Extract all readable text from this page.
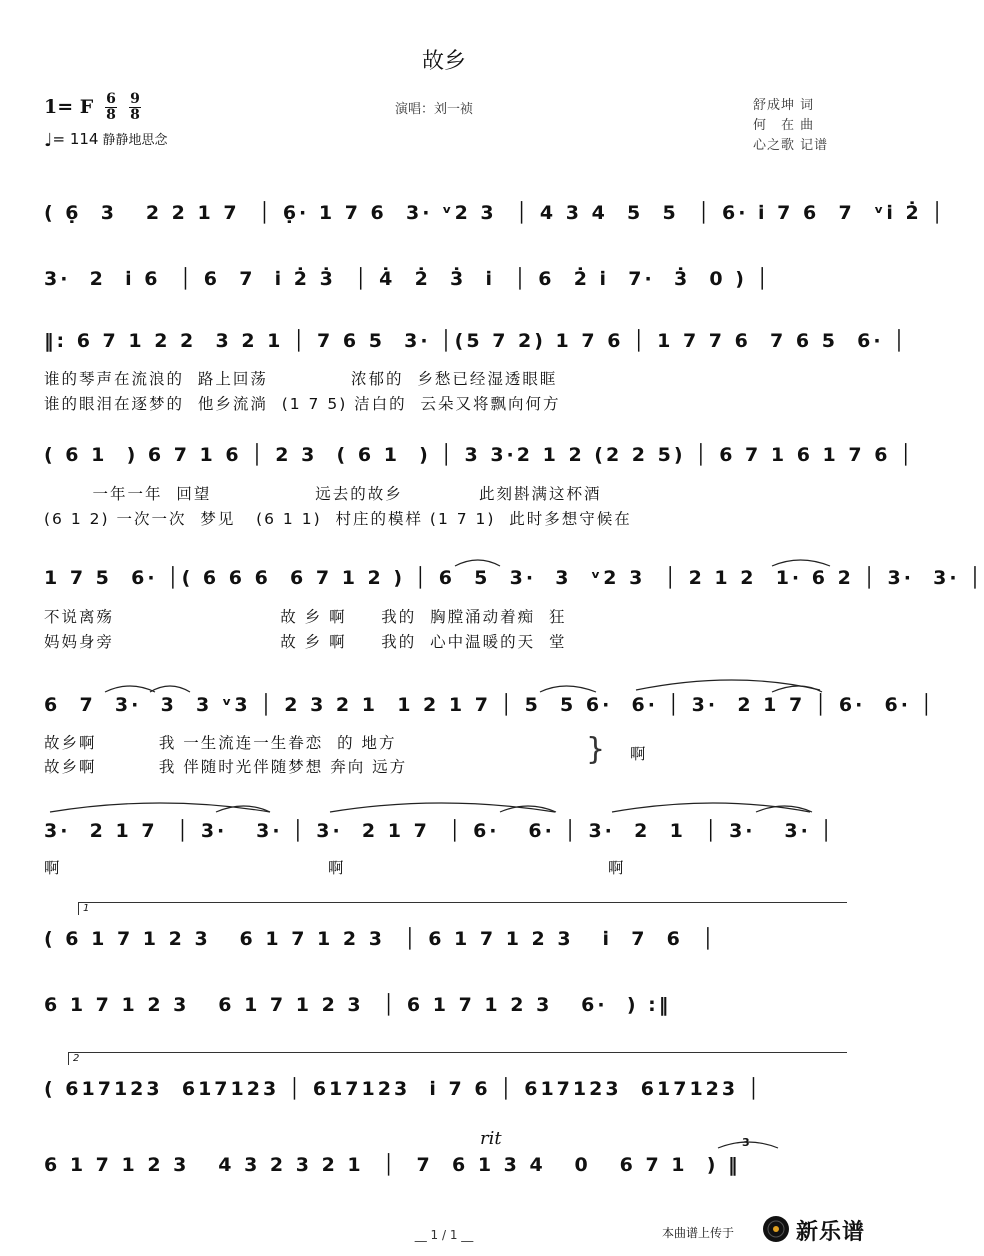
故乡
1= F 6
8
9
8
♩= 114 静静地思念
演唱：刘一祯	舒成坤 词
何　在 曲
心之歌 记谱
( 6̣  3   2 2 1 7  │ 6̣· 1 7 6  3· ᵛ2 3  │ 4 3 4  5  5  │ 6· i̇ 7 6  7  ᵛi̇ 2̇ │
3·  2  i̇ 6  │ 6  7  i̇ 2̇ 3̇  │ 4̇  2̇  3̇  i̇  │ 6  2̇ i̇  7·  3̇  0 ) │
‖: 6 7 1 2 2  3 2 1 │ 7 6 5  3· │(5 7 2) 1 7 6 │ 1 7 7 6  7 6 5  6· │
谁的琴声在流浪的  路上回荡            浓郁的  乡愁已经湿透眼眶
谁的眼泪在逐梦的  他乡流淌  (1 7 5) 洁白的  云朵又将飘向何方
( 6 1  ) 6 7 1 6 │ 2 3  ( 6 1  ) │ 3 3·2 1 2 (2 2 5) │ 6 7 1 6 1 7 6 │
一年一年  回望               远去的故乡           此刻斟满这杯酒
(6 1 2) 一次一次  梦见   (6 1 1)  村庄的模样 (1 7 1)  此时多想守候在
1 7 5  6· │( 6 6 6  6 7 1 2 ) │ 6  5  3·  3  ᵛ2 3  │ 2 1 2  1· 6 2 │ 3·  3· │
不说离殇                        故 乡 啊     我的  胸膛涌动着痴  狂
妈妈身旁                        故 乡 啊     我的  心中温暖的天  堂
6  7  3·  3  3 ᵛ3 │ 2 3 2 1  1 2 1 7 │ 5  5 6·  6· │ 3·  2 1 7 │ 6·  6· │
故乡啊         我 一生流连一生眷恋  的 地方
故乡啊         我 伴随时光伴随梦想 奔向 远方
啊
}
3·  2 1 7  │ 3·   3· │ 3·  2 1 7  │ 6·   6· │ 3·  2  1  │ 3·   3· │
啊	啊	啊
1
( 6 1 7 1 2 3   6 1 7 1 2 3  │ 6 1 7 1 2 3   i̇  7  6  │
6 1 7 1 2 3   6 1 7 1 2 3  │ 6 1 7 1 2 3   6·  ) :‖
2
( 617123  617123 │ 617123  i̇ 7 6 │ 617123  617123 │
rit
6 1 7 1 2 3   4 3 2 3 2 1  │  7  6 1 3 4   0   6 7 1  ) ‖
3
__ 1 / 1 __	本曲谱上传于	新乐谱
